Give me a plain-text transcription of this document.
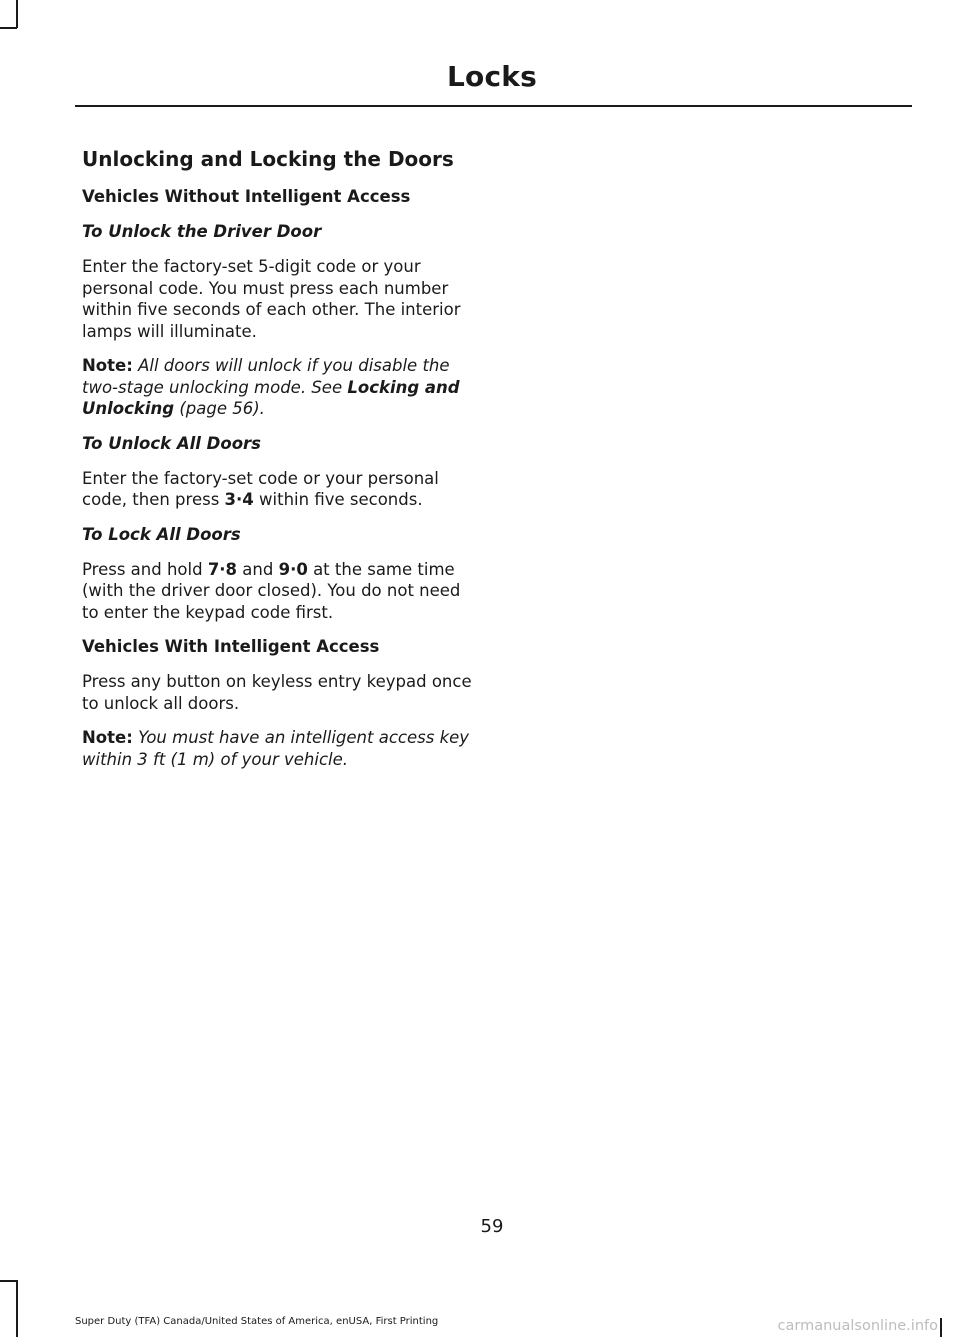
Locks
Unlocking and Locking the Doors
Vehicles Without Intelligent Access
To Unlock the Driver Door
Enter the factory-set 5-digit code or your personal code. You must press each number within five seconds of each other. The interior lamps will illuminate.
Note: All doors will unlock if you disable the two-stage unlocking mode. See Locking and Unlocking (page 56).
To Unlock All Doors
Enter the factory-set code or your personal code, then press 3·4 within five seconds.
To Lock All Doors
Press and hold 7·8 and 9·0 at the same time (with the driver door closed). You do not need to enter the keypad code first.
Vehicles With Intelligent Access
Press any button on keyless entry keypad once to unlock all doors.
Note: You must have an intelligent access key within 3 ft (1 m) of your vehicle.
59
Super Duty (TFA) Canada/United States of America, enUSA, First Printing	carmanualsonline.info
